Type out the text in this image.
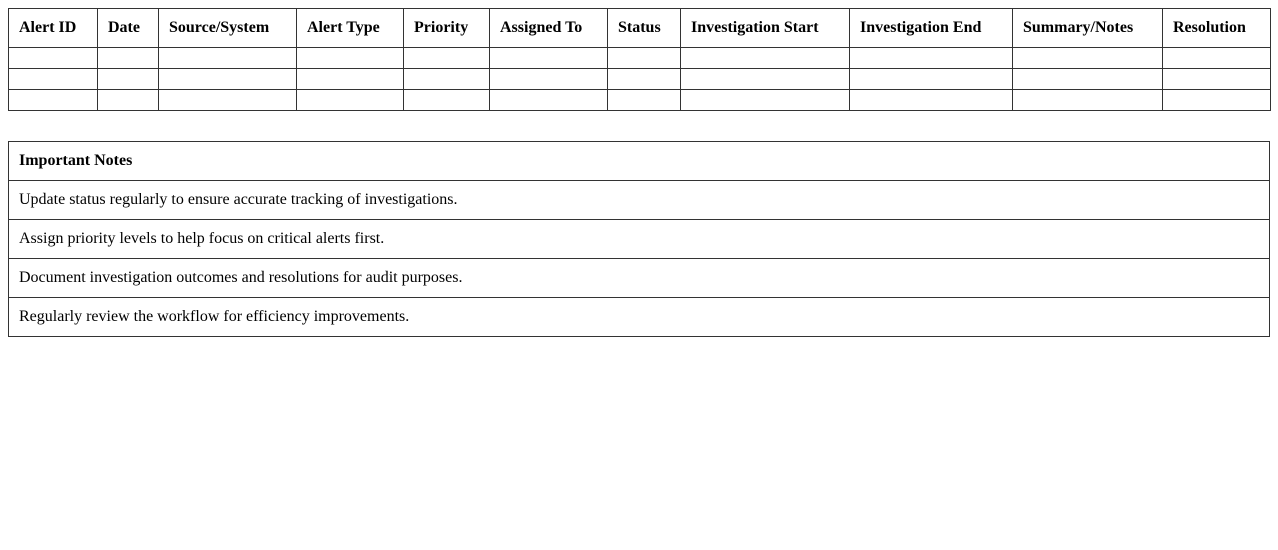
Alert ID	Date	Source/System	Alert Type	Priority	Assigned To	Status	Investigation Start	Investigation End	Summary/Notes	Resolution

Important Notes
Update status regularly to ensure accurate tracking of investigations.
Assign priority levels to help focus on critical alerts first.
Document investigation outcomes and resolutions for audit purposes.
Regularly review the workflow for efficiency improvements.
